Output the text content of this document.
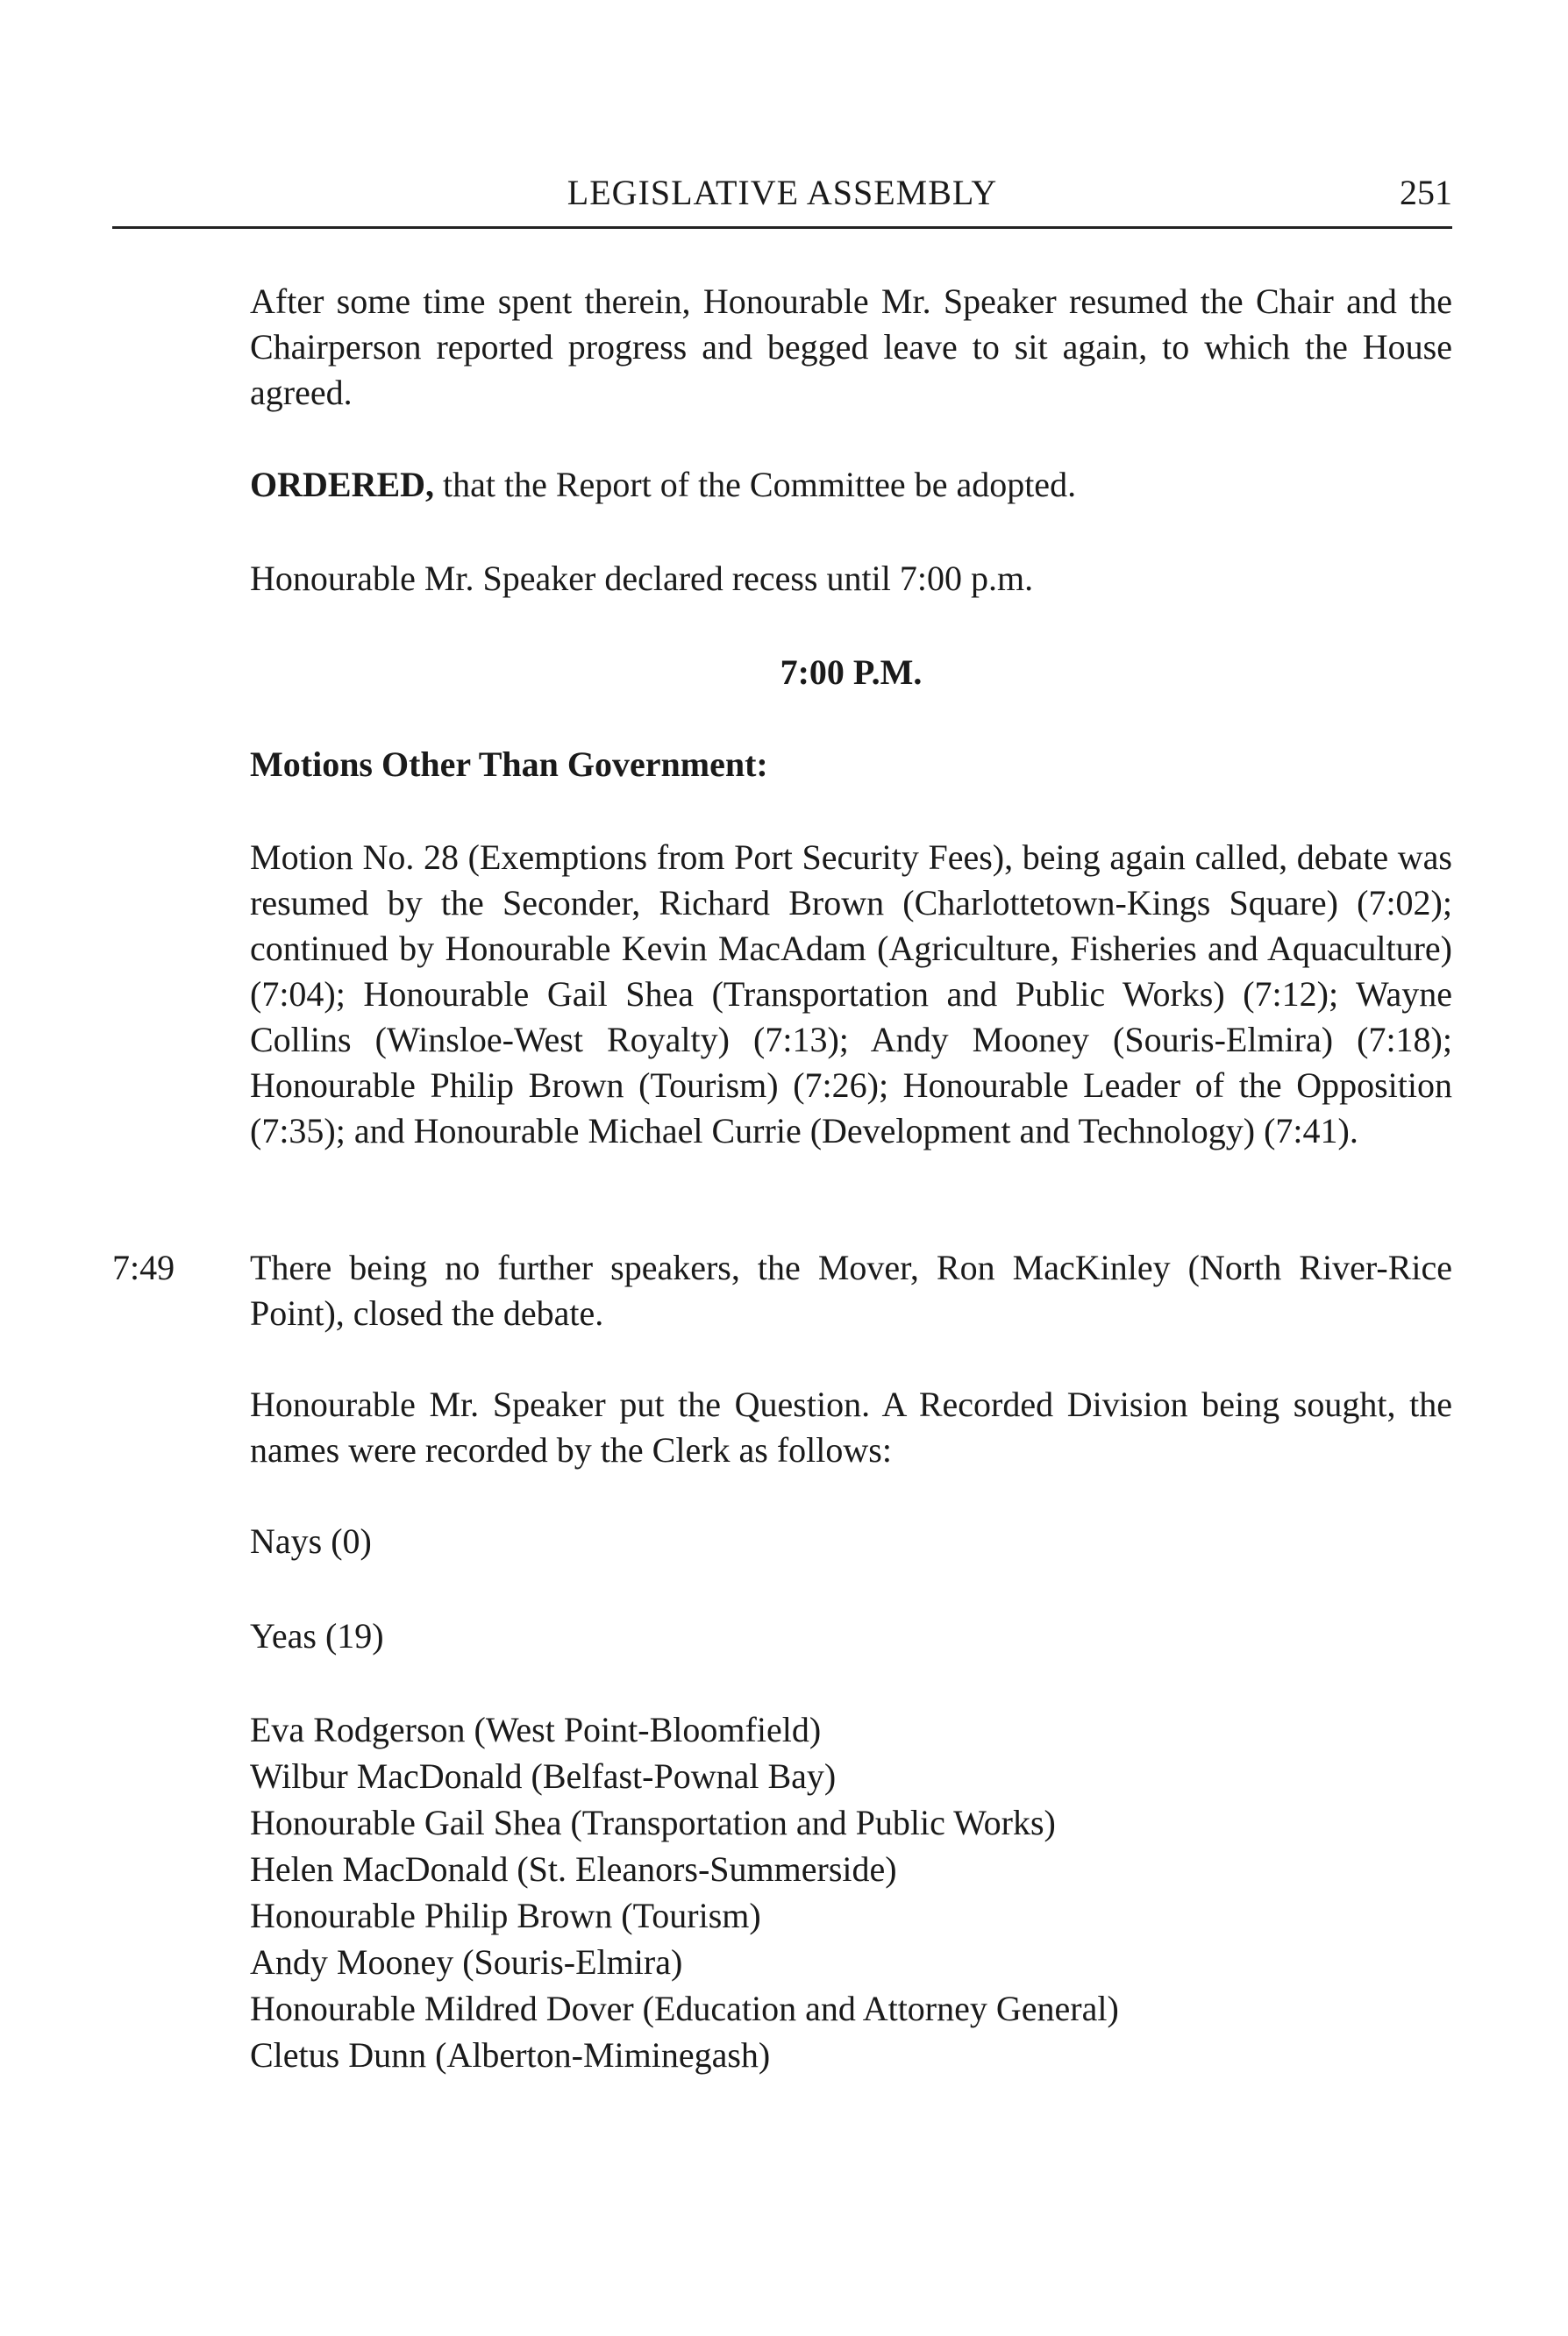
LEGISLATIVE ASSEMBLY	251

After some time spent therein, Honourable Mr. Speaker resumed the Chair and the Chairperson reported progress and begged leave to sit again, to which the House agreed.

ORDERED, that the Report of the Committee be adopted.

Honourable Mr. Speaker declared recess until 7:00 p.m.

7:00 P.M.

Motions Other Than Government:

Motion No. 28 (Exemptions from Port Security Fees), being again called, debate was resumed by the Seconder, Richard Brown (Charlottetown-Kings Square) (7:02); continued by Honourable Kevin MacAdam (Agriculture, Fisheries and Aquaculture) (7:04); Honourable Gail Shea (Transportation and Public Works) (7:12); Wayne Collins (Winsloe-West Royalty) (7:13); Andy Mooney (Souris-Elmira) (7:18); Honourable Philip Brown (Tourism) (7:26); Honourable Leader of the Opposition (7:35); and Honourable Michael Currie (Development and Technology) (7:41).

7:49 There being no further speakers, the Mover, Ron MacKinley (North River-Rice Point), closed the debate.

Honourable Mr. Speaker put the Question. A Recorded Division being sought, the names were recorded by the Clerk as follows:

Nays (0)

Yeas (19)

Eva Rodgerson (West Point-Bloomfield)
Wilbur MacDonald (Belfast-Pownal Bay)
Honourable Gail Shea (Transportation and Public Works)
Helen MacDonald (St. Eleanors-Summerside)
Honourable Philip Brown (Tourism)
Andy Mooney (Souris-Elmira)
Honourable Mildred Dover (Education and Attorney General)
Cletus Dunn (Alberton-Miminegash)
